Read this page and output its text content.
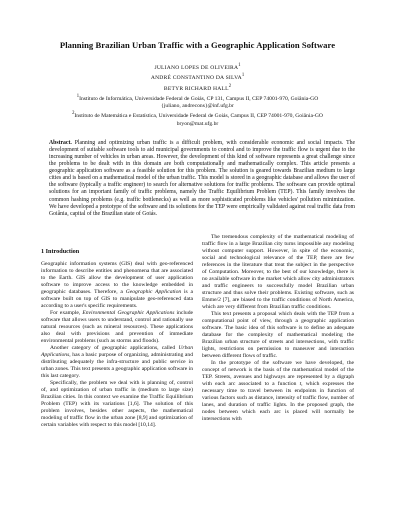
Planning Brazilian Urban Traffic with a Geographic Application Software
JULIANO LOPES DE OLIVEIRA$^1$
ANDRÉ CONSTANTINO DA SILVA$^1$
BETYR RICHARD HALL$^2$
$^1$Instituto de Informática, Universidade Federal de Goiás, CP 131, Campus II, CEP 74001-970, Goiânia-GO
{juliano, andrecons}@inf.ufg.br
$^2$Instituto de Matemática e Estatística, Universidade Federal de Goiás, Campus II, CEP 74001-970, Goiânia-GO
bryon@mat.ufg.br
Abstract. Planning and optimizing urban traffic is a difficult problem, with considerable economic and social impacts. The development of suitable software tools to aid municipal governments to control and to improve the traffic flow is urgent due to the increasing number of vehicles in urban areas. However, the development of this kind of software represents a great challenge since the problems to be dealt with in this domain are both computationally and mathematically complex. This article presents a geographic application software as a feasible solution for this problem. The solution is geared towards Brazilian medium to large cities and is based on a mathematical model of the urban traffic. This model is stored in a geographic database and allows the user of the software (typically a traffic engineer) to search for alternative solutions for traffic problems. The software can provide optimal solutions for an important family of traffic problems, namely the Traffic Equilibrium Problem (TEP). This family involves the common hashing problems (e.g. traffic bottlenecks) as well as more sophisticated problems like vehicles' pollution minimization. We have developed a prototype of the software and its solutions for the TEP were empirically validated against real traffic data from Goiânia, capital of the Brazilian state of Goiás.
1 Introduction

Geographic information systems (GIS) deal with geo-referenced information to describe entities and phenomena that are associated to the Earth. GIS allow the development of user application software to improve access to the knowledge embedded in geographic databases. Therefore, a Geographic Application is a software built on top of GIS to manipulate geo-referenced data according to a user's specific requirements.

For example, Environmental Geographic Applications include software that allows users to understand, control and rationally use natural resources (such as mineral resources). These applications also deal with previsions and prevention of immediate environmental problems (such as storms and floods).

Another category of geographic applications, called Urban Applications, has a basic purpose of organizing, administrating and distributing adequately the infra-structure and public service in urban zones. This text presents a geographic application software in this last category.

Specifically, the problem we deal with is planning of, control of, and optimization of urban traffic in (medium to large size) Brazilian cities. In this context we examine the Traffic Equilibrium Problem (TEP) with its variations [1,6]. The solution of this problem involves, besides other aspects, the mathematical modeling of traffic flow in the urban zone [8,9] and optimization of certain variables with respect to this model [10,14].

The tremendous complexity of the mathematical modeling of traffic flow in a large Brazilian city turns impossible any modeling without computer support. However, in spite of the economic, social and technological relevance of the TEP, there are few references in the literature that treat the subject in the perspective of Computation. Moreover, to the best of our knowledge, there is no available software in the market which allow city administrators and traffic engineers to successfully model Brazilian urban structure and thus solve their problems. Existing software, such as Emme/2 [7], are biased to the traffic conditions of North America, which are very different from Brazilian traffic conditions.

This text presents a proposal which deals with the TEP from a computational point of view, through a geographic application software. The basic idea of this software is to define an adequate database for the complexity of mathematical modeling the Brazilian urban structure of streets and intersections, with traffic lights, restrictions on permission to maneuver and interaction between different flows of traffic.

In the prototype of the software we have developed, the concept of network is the basis of the mathematical model of the TEP. Streets, avenues and highways are represented by a digraph with each arc associated to a function t, which expresses the necessary time to travel between its endpoints in function of various factors such as distance, intensity of traffic flow, number of lanes, and duration of traffic lights. In the proposed graph, the nodes between which each arc is placed will normally be intersections with
